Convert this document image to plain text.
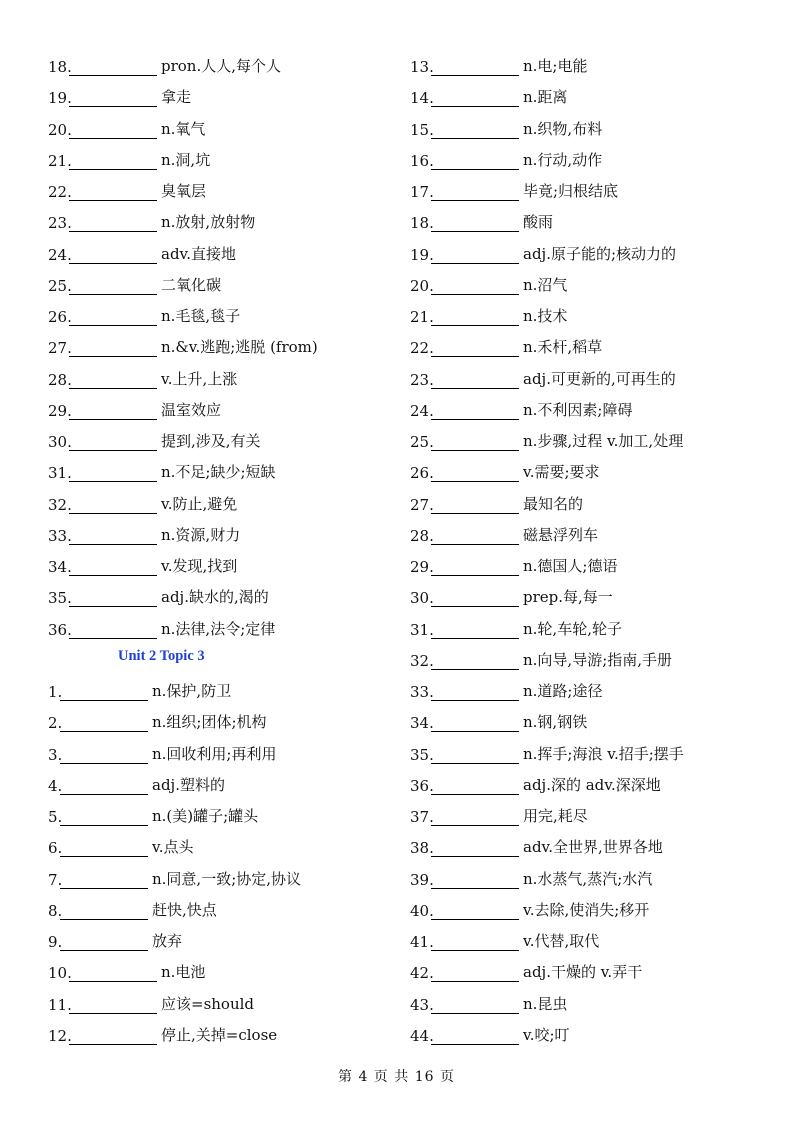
18.	pron.人人,每个人
19.	拿走
20.	n.氧气
21.	n.洞,坑
22.	臭氧层
23.	n.放射,放射物
24.	adv.直接地
25.	二氧化碳
26.	n.毛毯,毯子
27.	n.&v.逃跑;逃脱 (from)
28.	v.上升,上涨
29.	温室效应
30.	提到,涉及,有关
31.	n.不足;缺少;短缺
32.	v.防止,避免
33.	n.资源,财力
34.	v.发现,找到
35.	adj.缺水的,渴的
36.	n.法律,法令;定律
1.	n.保护,防卫
2.	n.组织;团体;机构
3.	n.回收利用;再利用
4.	adj.塑料的
5.	n.(美)罐子;罐头
6.	v.点头
7.	n.同意,一致;协定,协议
8.	赶快,快点
9.	放弃
10.	n.电池
11.	应该=should
12.	停止,关掉=close
Unit 2 Topic 3
13.	n.电;电能
14.	n.距离
15.	n.织物,布料
16.	n.行动,动作
17.	毕竟;归根结底
18.	酸雨
19.	adj.原子能的;核动力的
20.	n.沼气
21.	n.技术
22.	n.禾杆,稻草
23.	adj.可更新的,可再生的
24.	n.不利因素;障碍
25.	n.步骤,过程 v.加工,处理
26.	v.需要;要求
27.	最知名的
28.	磁悬浮列车
29.	n.德国人;德语
30.	prep.每,每一
31.	n.轮,车轮,轮子
32.	n.向导,导游;指南,手册
33.	n.道路;途径
34.	n.钢,钢铁
35.	n.挥手;海浪 v.招手;摆手
36.	adj.深的 adv.深深地
37.	用完,耗尽
38.	adv.全世界,世界各地
39.	n.水蒸气,蒸汽;水汽
40.	v.去除,使消失;移开
41.	v.代替,取代
42.	adj.干燥的 v.弄干
43.	n.昆虫
44.	v.咬;叮
第 4 页 共 16 页
